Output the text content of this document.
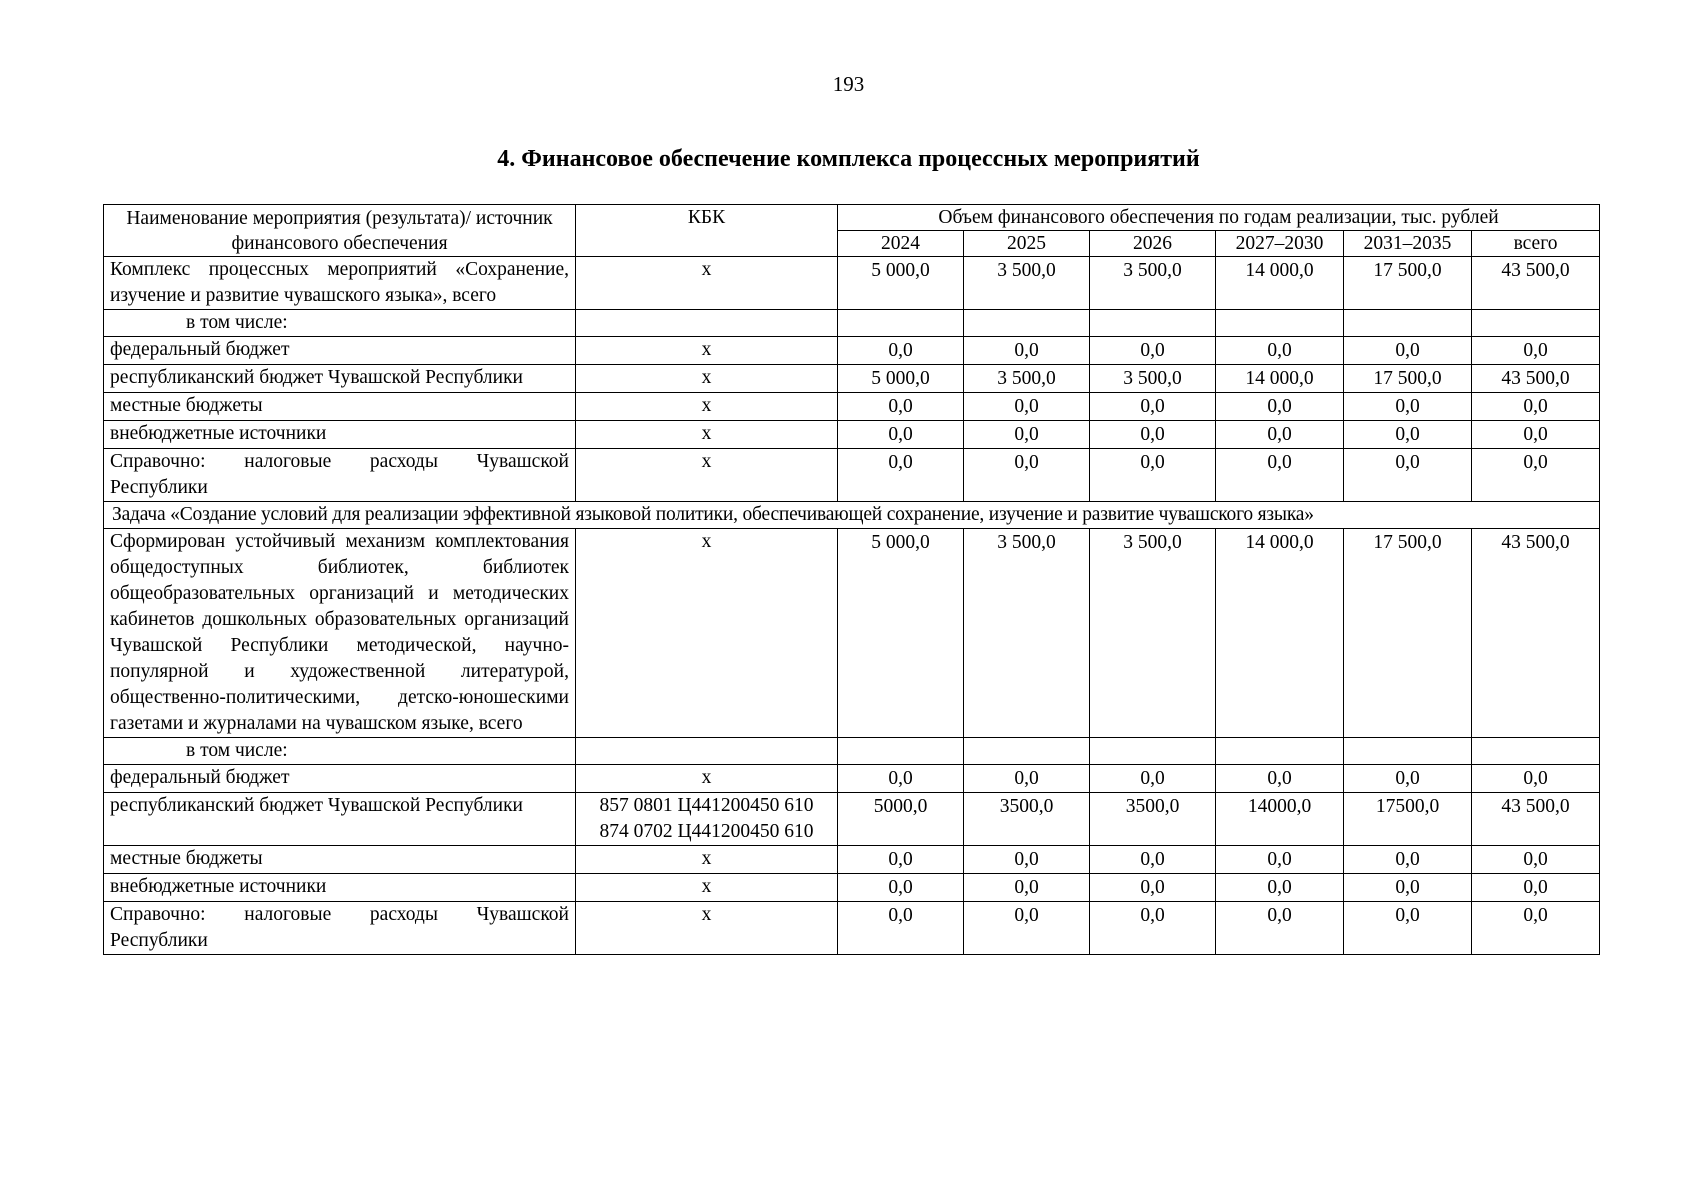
193
4. Финансовое обеспечение комплекса процессных мероприятий
Наименование мероприятия (результата)/ источник финансового обеспечения	КБК	Объем финансового обеспечения по годам реализации, тыс. рублей					
		2024	2025	2026	2027–2030	2031–2035	всего
Комплекс процессных мероприятий «Сохранение, изучение и развитие чувашского языка», всего	x	5 000,0	3 500,0	3 500,0	14 000,0	17 500,0	43 500,0
в том числе:							
федеральный бюджет	x	0,0	0,0	0,0	0,0	0,0	0,0
республиканский бюджет Чувашской Республики	x	5 000,0	3 500,0	3 500,0	14 000,0	17 500,0	43 500,0
местные бюджеты	x	0,0	0,0	0,0	0,0	0,0	0,0
внебюджетные источники	x	0,0	0,0	0,0	0,0	0,0	0,0
Справочно: налоговые расходы Чувашской Республики	x	0,0	0,0	0,0	0,0	0,0	0,0
Задача «Создание условий для реализации эффективной языковой политики, обеспечивающей сохранение, изучение и развитие чувашского языка»							
Сформирован устойчивый механизм комплектования общедоступных библиотек, библиотек общеобразовательных организаций и методических кабинетов дошкольных образовательных организаций Чувашской Республики методической, научно-популярной и художественной литературой, общественно-политическими, детско-юношескими газетами и журналами на чувашском языке, всего	x	5 000,0	3 500,0	3 500,0	14 000,0	17 500,0	43 500,0
в том числе:							
федеральный бюджет	x	0,0	0,0	0,0	0,0	0,0	0,0
республиканский бюджет Чувашской Республики	857 0801 Ц441200450 610
874 0702 Ц441200450 610	5000,0	3500,0	3500,0	14000,0	17500,0	43 500,0
местные бюджеты	x	0,0	0,0	0,0	0,0	0,0	0,0
внебюджетные источники	x	0,0	0,0	0,0	0,0	0,0	0,0
Справочно: налоговые расходы Чувашской Республики	x	0,0	0,0	0,0	0,0	0,0	0,0
